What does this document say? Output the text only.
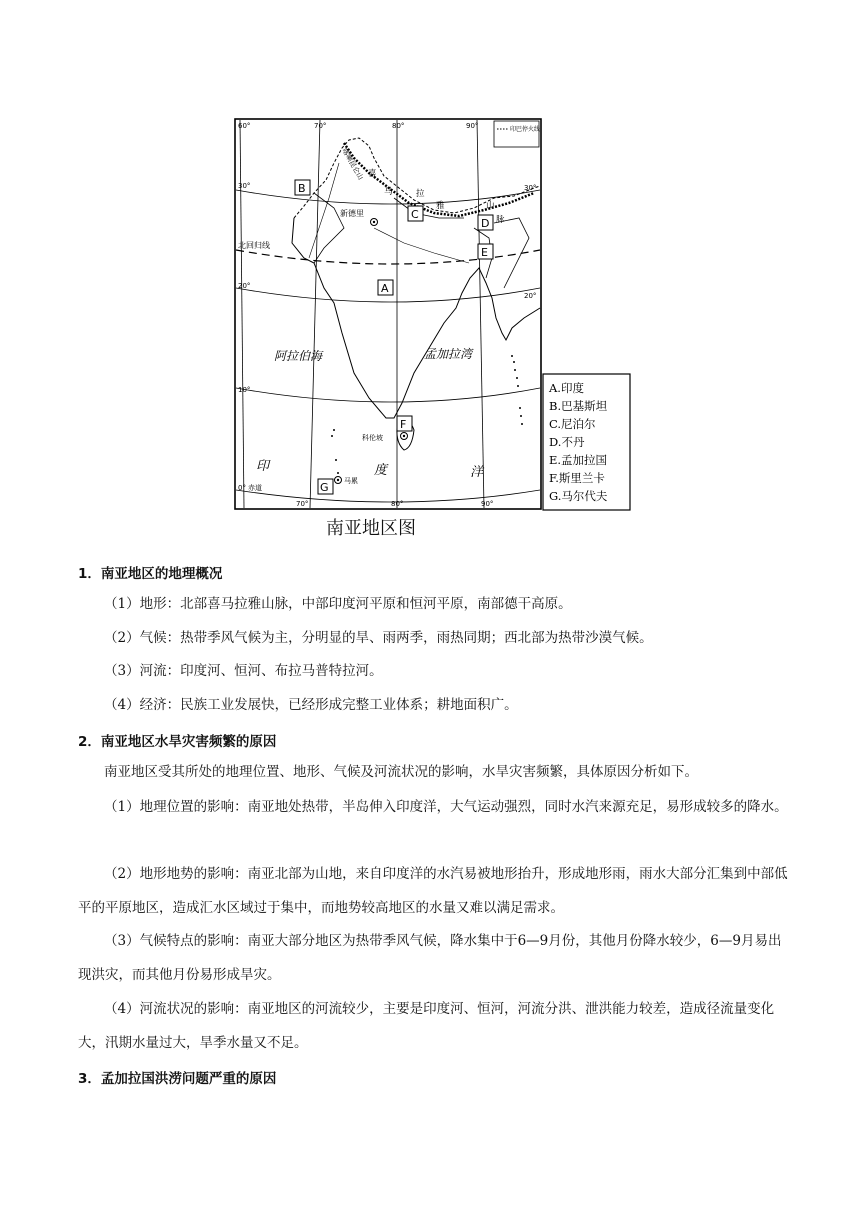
印巴停火线
北回归线
60°	70°	80°	90°
70°	80°	90°
30°
20°
10°
0°
30°
20°
喜
马	拉
雅	山
脉
喀喇昆仑山
新德里
科伦坡
马累
赤道
阿拉伯海	孟加拉湾
印	度	洋
A
B
C
D
E
F
G
A.印度
B.巴基斯坦
C.尼泊尔
D.不丹
E.孟加拉国
F.斯里兰卡
G.马尔代夫
南亚地区图
1．南亚地区的地理概况
（1）地形：北部喜马拉雅山脉，中部印度河平原和恒河平原，南部德干高原。
（2）气候：热带季风气候为主，分明显的旱、雨两季，雨热同期；西北部为热带沙漠气候。
（3）河流：印度河、恒河、布拉马普特拉河。
（4）经济：民族工业发展快，已经形成完整工业体系；耕地面积广。
2．南亚地区水旱灾害频繁的原因
南亚地区受其所处的地理位置、地形、气候及河流状况的影响，水旱灾害频繁，具体原因分析如下。
（1）地理位置的影响：南亚地处热带，半岛伸入印度洋，大气运动强烈，同时水汽来源充足，易形成较多的降水。
（2）地形地势的影响：南亚北部为山地，来自印度洋的水汽易被地形抬升，形成地形雨，雨水大部分汇集到中部低平的平原地区，造成汇水区域过于集中，而地势较高地区的水量又难以满足需求。
（3）气候特点的影响：南亚大部分地区为热带季风气候，降水集中于6—9月份，其他月份降水较少，6—9月易出现洪灾，而其他月份易形成旱灾。
（4）河流状况的影响：南亚地区的河流较少，主要是印度河、恒河，河流分洪、泄洪能力较差，造成径流量变化大，汛期水量过大，旱季水量又不足。
3．孟加拉国洪涝问题严重的原因
